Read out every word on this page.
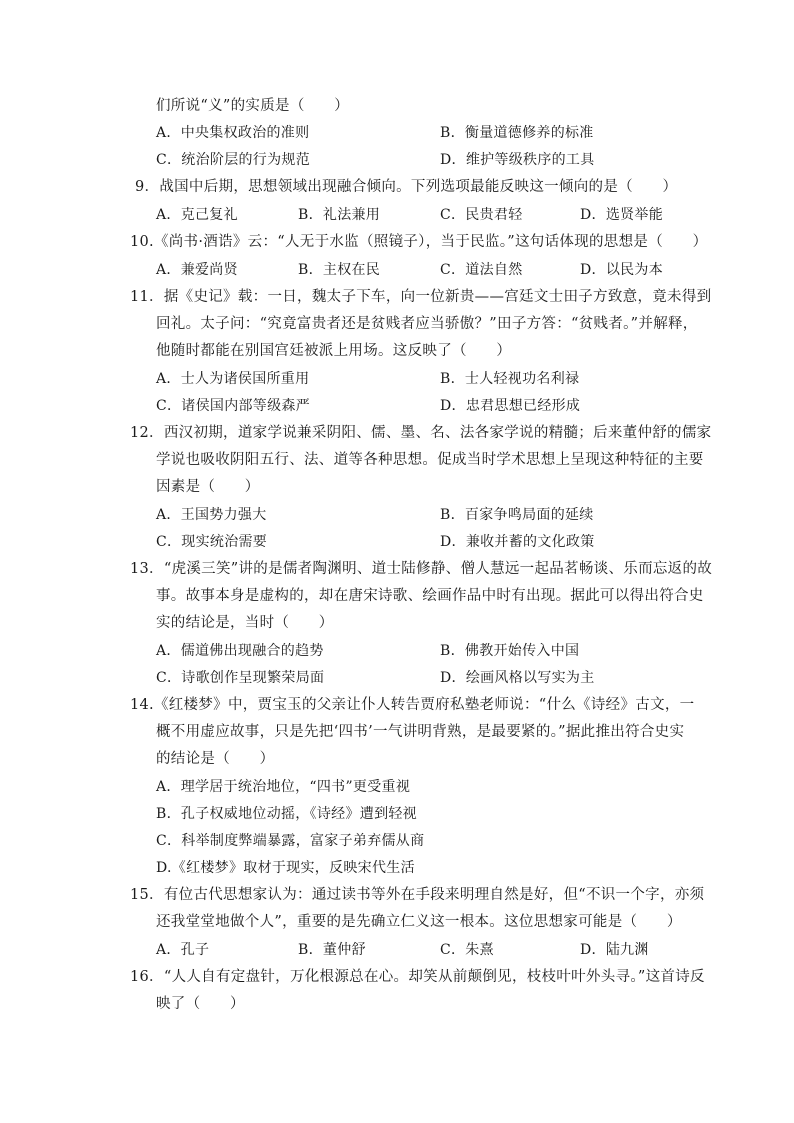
们所说“义”的实质是（　　）
A．中央集权政治的准则	B．衡量道德修养的标准
C．统治阶层的行为规范	D．维护等级秩序的工具
9．战国中后期，思想领域出现融合倾向。下列选项最能反映这一倾向的是（　　）
A．克己复礼	B．礼法兼用	C．民贵君轻	D．选贤举能
10.《尚书·酒诰》云：“人无于水监（照镜子），当于民监。”这句话体现的思想是（　　）
A．兼爱尚贤	B．主权在民	C．道法自然	D．以民为本
11．据《史记》载：一日，魏太子下车，向一位新贵——宫廷文士田子方致意，竟未得到
回礼。太子问：“究竟富贵者还是贫贱者应当骄傲？”田子方答：“贫贱者。”并解释，
他随时都能在别国宫廷被派上用场。这反映了（　　）
A．士人为诸侯国所重用	B．士人轻视功名利禄
C．诸侯国内部等级森严	D．忠君思想已经形成
12．西汉初期，道家学说兼采阴阳、儒、墨、名、法各家学说的精髓；后来董仲舒的儒家
学说也吸收阴阳五行、法、道等各种思想。促成当时学术思想上呈现这种特征的主要
因素是（　　）
A．王国势力强大	B．百家争鸣局面的延续
C．现实统治需要	D．兼收并蓄的文化政策
13．“虎溪三笑”讲的是儒者陶渊明、道士陆修静、僧人慧远一起品茗畅谈、乐而忘返的故
事。故事本身是虚构的，却在唐宋诗歌、绘画作品中时有出现。据此可以得出符合史
实的结论是，当时（　　）
A．儒道佛出现融合的趋势	B．佛教开始传入中国
C．诗歌创作呈现繁荣局面	D．绘画风格以写实为主
14.《红楼梦》中，贾宝玉的父亲让仆人转告贾府私塾老师说：“什么《诗经》古文，一
概不用虚应故事，只是先把‘四书’一气讲明背熟，是最要紧的。”据此推出符合史实
的结论是（　　）
A．理学居于统治地位，“四书”更受重视
B．孔子权威地位动摇，《诗经》遭到轻视
C．科举制度弊端暴露，富家子弟弃儒从商
D.《红楼梦》取材于现实，反映宋代生活
15．有位古代思想家认为：通过读书等外在手段来明理自然是好，但“不识一个字，亦须
还我堂堂地做个人”，重要的是先确立仁义这一根本。这位思想家可能是（　　）
A．孔子	B．董仲舒	C．朱熹	D．陆九渊
16．“人人自有定盘针，万化根源总在心。却笑从前颠倒见，枝枝叶叶外头寻。”这首诗反
映了（　　）
